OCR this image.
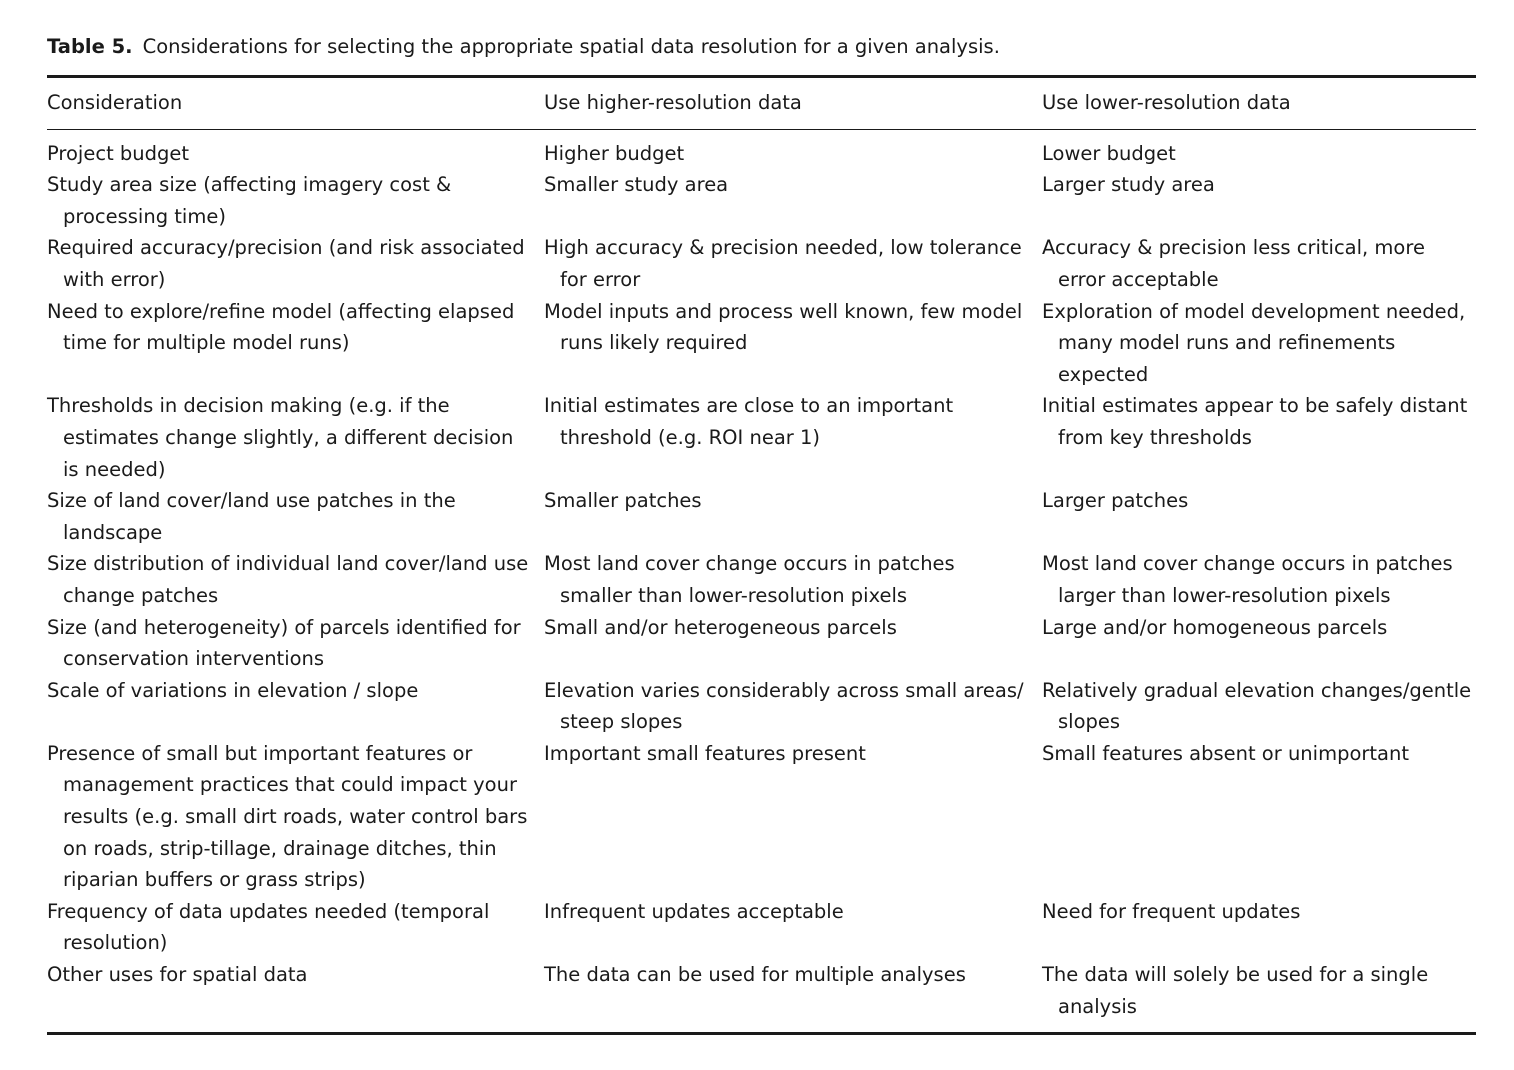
Table 5. Considerations for selecting the appropriate spatial data resolution for a given analysis.
Consideration	Use higher-resolution data	Use lower-resolution data
Project budget	Higher budget	Lower budget
Study area size (affecting imagery cost & processing time)	Smaller study area	Larger study area
Required accuracy/precision (and risk associated with error)	High accuracy & precision needed, low tolerance for error	Accuracy & precision less critical, more error acceptable
Need to explore/refine model (affecting elapsed time for multiple model runs)	Model inputs and process well known, few model runs likely required	Exploration of model development needed, many model runs and refinements expected
Thresholds in decision making (e.g. if the estimates change slightly, a different decision is needed)	Initial estimates are close to an important threshold (e.g. ROI near 1)	Initial estimates appear to be safely distant from key thresholds
Size of land cover/land use patches in the landscape	Smaller patches	Larger patches
Size distribution of individual land cover/land use change patches	Most land cover change occurs in patches smaller than lower-resolution pixels	Most land cover change occurs in patches larger than lower-resolution pixels
Size (and heterogeneity) of parcels identified for conservation interventions	Small and/or heterogeneous parcels	Large and/or homogeneous parcels
Scale of variations in elevation / slope	Elevation varies considerably across small areas/ steep slopes	Relatively gradual elevation changes/gentle slopes
Presence of small but important features or management practices that could impact your results (e.g. small dirt roads, water control bars on roads, strip-tillage, drainage ditches, thin riparian buffers or grass strips)	Important small features present	Small features absent or unimportant
Frequency of data updates needed (temporal resolution)	Infrequent updates acceptable	Need for frequent updates
Other uses for spatial data	The data can be used for multiple analyses	The data will solely be used for a single analysis
